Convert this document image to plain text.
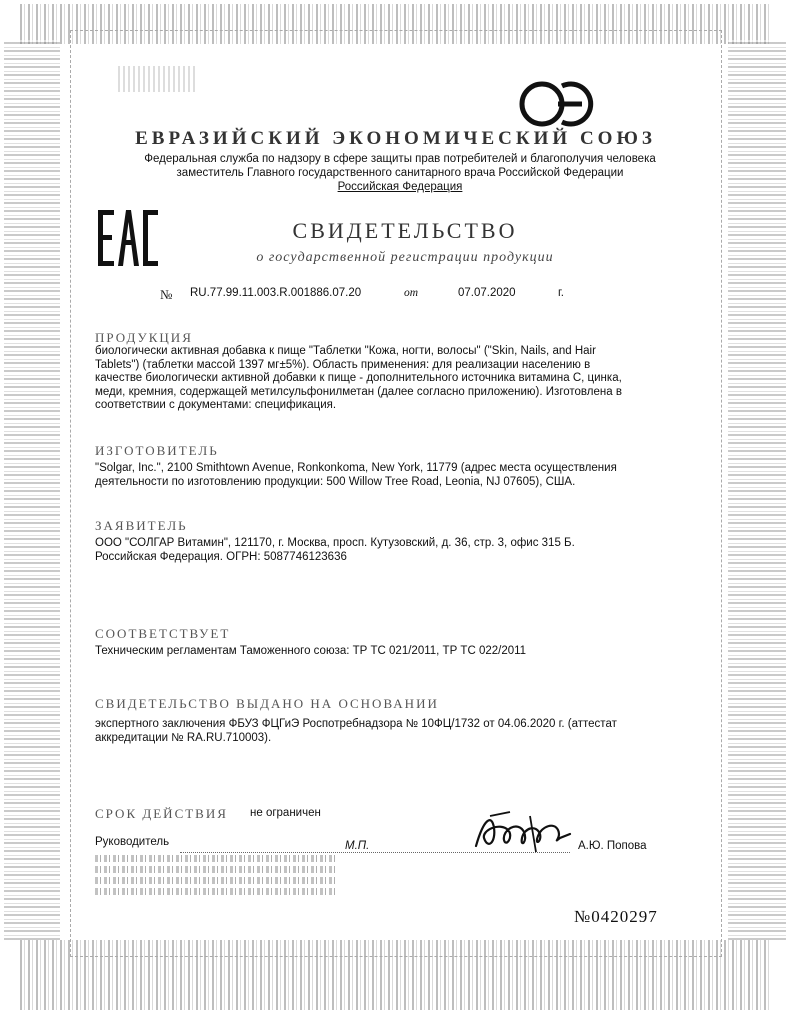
ЕВРАЗИЙСКИЙ ЭКОНОМИЧЕСКИЙ СОЮЗ
Федеральная служба по надзору в сфере защиты прав потребителей и благополучия человека
заместитель Главного государственного санитарного врача Российской Федерации
Российская Федерация
СВИДЕТЕЛЬСТВО
о государственной регистрации продукции
№ RU.77.99.11.003.R.001886.07.20	от	07.07.2020	г.
ПРОДУКЦИЯ
биологически активная добавка к пище "Таблетки "Кожа, ногти, волосы" ("Skin, Nails, and Hair
Tablets") (таблетки массой 1397 мг±5%). Область применения: для реализации населению в
качестве биологически активной добавки к пище - дополнительного источника витамина С, цинка,
меди, кремния, содержащей метилсульфонилметан (далее согласно приложению). Изготовлена в
соответствии с документами: спецификация.
ИЗГОТОВИТЕЛЬ
"Solgar, Inc.", 2100 Smithtown Avenue, Ronkonkoma, New York, 11779 (адрес места осуществления
деятельности по изготовлению продукции: 500 Willow Tree Road, Leonia, NJ 07605), США.
ЗАЯВИТЕЛЬ
ООО "СОЛГАР Витамин", 121170, г. Москва, просп. Кутузовский, д. 36, стр. 3, офис 315 Б.
Российская Федерация. ОГРН: 5087746123636
СООТВЕТСТВУЕТ
Техническим регламентам Таможенного союза: ТР ТС 021/2011, ТР ТС 022/2011
СВИДЕТЕЛЬСТВО ВЫДАНО НА ОСНОВАНИИ
экспертного заключения ФБУЗ ФЦГиЭ Роспотребнадзора № 10ФЦ/1732 от 04.06.2020 г. (аттестат
аккредитации № RA.RU.710003).
СРОК ДЕЙСТВИЯ не ограничен
Руководитель	М.П.	А.Ю. Попова
№0420297
